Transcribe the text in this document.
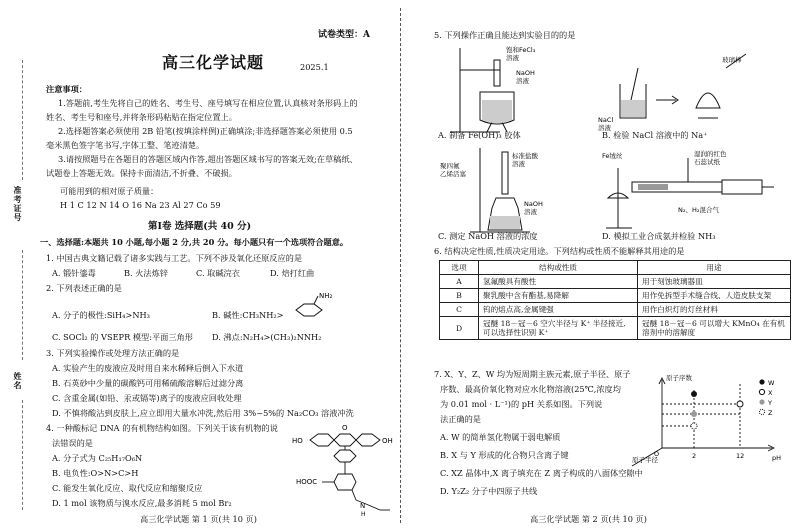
准考证号
姓名
试卷类型：A
高三化学试题	2025.1
注意事项：
1.答题前,考生先将自己的姓名、考生号、座号填写在相应位置,认真核对条形码上的
姓名、考生号和座号,并将条形码粘贴在指定位置上。
2.选择题答案必须使用 2B 铅笔(按填涂样例)正确填涂;非选择题答案必须使用 0.5
毫米黑色签字笔书写,字体工整、笔迹清楚。
3.请按照题号在各题目的答题区域内作答,超出答题区域书写的答案无效;在草稿纸、
试题卷上答题无效。保持卡面清洁,不折叠、不破损。
可能用到的相对原子质量：
H 1 C 12 N 14 O 16 Na 23 Al 27 Co 59
第Ⅰ卷 选择题(共 40 分)
一、选择题:本题共 10 小题,每小题 2 分,共 20 分。每小题只有一个选项符合题意。
1. 中国古典文籍记载了诸多实践与工艺。下列不涉及氧化还原反应的是
A. 锻针鎏毒	B. 火法炼锌	C. 取碱浣衣	D. 焙打红曲
2. 下列表述正确的是
A. 分子的极性:SiH₄>NH₃	B. 碱性:CH₃NH₂>
NH₂
C. SOCl₂ 的 VSEPR 模型:平面三角形 D. 沸点:N₂H₄>(CH₃)₂NNH₂
3. 下列实验操作或处理方法正确的是
A. 实验产生的废液应及时用自来水稀释后倒入下水道
B. 石英砂中少量的碳酸钙可用稀硫酸溶解后过滤分离
C. 含重金属(如铅、汞或镉等)离子的废液应回收处理
D. 不慎将酸沾到皮肤上,应立即用大量水冲洗,然后用 3%~5%的 Na₂CO₃ 溶液冲洗
4. 一种酸标记 DNA 的有机物结构如图。下列关于该有机物的说
法错误的是
A. 分子式为 C₂₅H₁₇O₆N
B. 电负性:O>N>C>H
C. 能发生氧化反应、取代反应和缩聚反应
D. 1 mol 该物质与溴水反应,最多消耗 5 mol Br₂
O
OH
HO
HOOC
N
H
高三化学试题 第 1 页(共 10 页)
5. 下列操作正确且能达到实验目的的是
饱和FeCl₃
溶液
NaOH
溶液
A. 制备 Fe(OH)₃ 胶体
NaCl
溶液
玻璃棒
B. 检验 NaCl 溶液中的 Na⁺
标准盐酸
溶液
聚四氟
乙烯活塞
NaOH
溶液
C. 测定 NaOH 溶液的浓度
Fe绒丝	湿润的红色
石蕊试纸
N₂、H₂混合气
D. 模拟工业合成氨并检验 NH₃
6. 结构决定性质,性质决定用途。下列结构或性质不能解释其用途的是
选项	结构或性质	用途
A	氢氟酸具有酸性	用于刻蚀玻璃器皿
B	聚乳酸中含有酯基,易降解	用作免拆型手术缝合线、人造皮肤支架
C	钨的熔点高,金属键强	用作白炽灯的灯丝材料
D	冠醚 18－冠－6 空穴半径与 K⁺ 半径接近,可以选择性识别 K⁺	冠醚 18－冠－6 可以增大 KMnO₄ 在有机溶剂中的溶解度
7. X、Y、Z、W 均为短周期主族元素,原子半径、原子
序数、最高价氧化物对应水化物溶液(25℃,浓度均
为 0.01 mol · L⁻¹)的 pH 关系如图。下列说
法正确的是
A. W 的简单氢化物属于弱电解质
B. X 与 Y 形成的化合物只含离子键
C. XZ 晶体中,X 离子填充在 Z 离子构成的八面体空隙中
D. Y₂Z₂ 分子中四原子共线
原子序数
pH
原子半径
O	2	12
W
X
Y
Z
高三化学试题 第 2 页(共 10 页)
